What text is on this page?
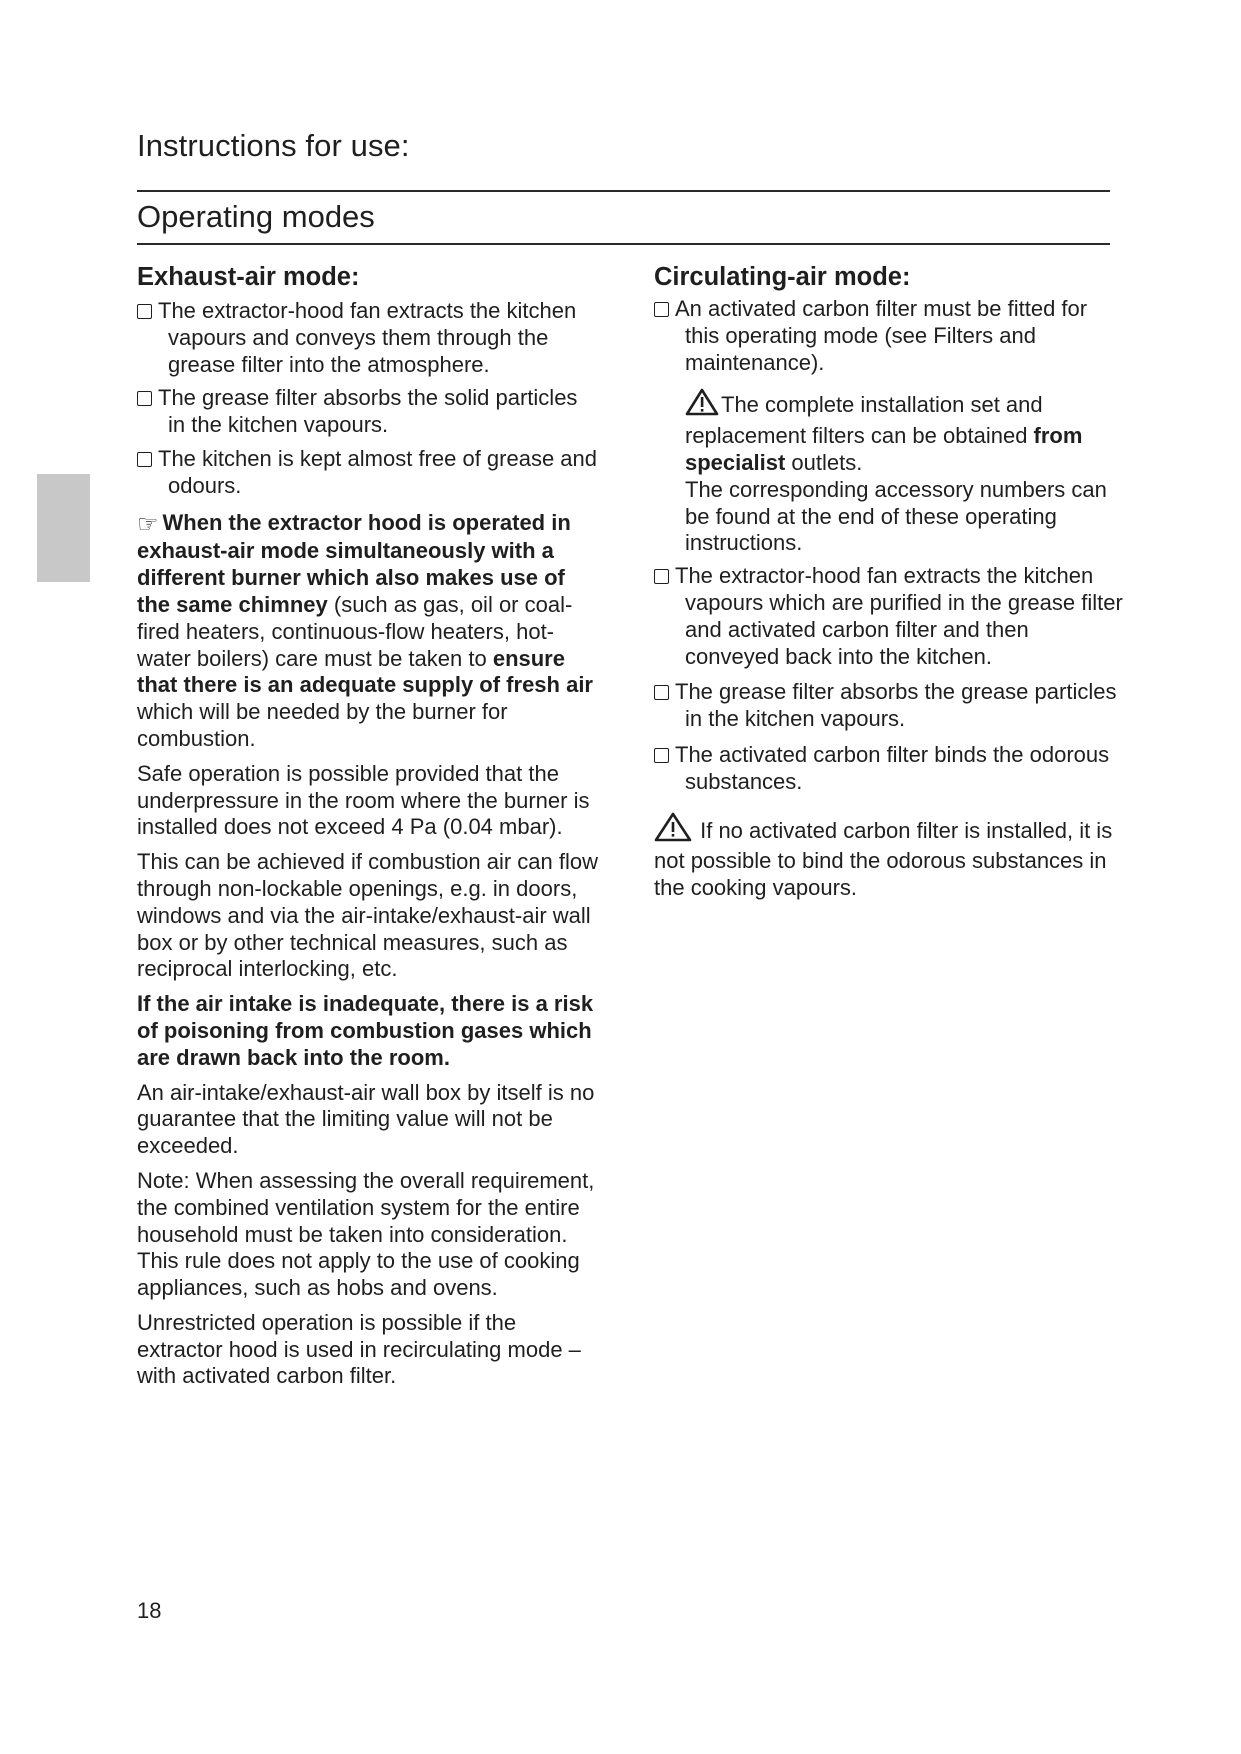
Instructions for use:
Operating modes
Exhaust-air mode:
The extractor-hood fan extracts the kitchen vapours and conveys them through the grease filter into the atmosphere.
The grease filter absorbs the solid particles in the kitchen vapours.
The kitchen is kept almost free of grease and odours.

☞ When the extractor hood is operated in exhaust-air mode simultaneously with a different burner which also makes use of the same chimney (such as gas, oil or coal-fired heaters, continuous-flow heaters, hot-water boilers) care must be taken to ensure that there is an adequate supply of fresh air which will be needed by the burner for combustion.

Safe operation is possible provided that the underpressure in the room where the burner is installed does not exceed 4 Pa (0.04 mbar).

This can be achieved if combustion air can flow through non-lockable openings, e.g. in doors, windows and via the air-intake/exhaust-air wall box or by other technical measures, such as reciprocal interlocking, etc.

If the air intake is inadequate, there is a risk of poisoning from combustion gases which are drawn back into the room.

An air-intake/exhaust-air wall box by itself is no guarantee that the limiting value will not be exceeded.

Note: When assessing the overall requirement, the combined ventilation system for the entire household must be taken into consideration. This rule does not apply to the use of cooking appliances, such as hobs and ovens.

Unrestricted operation is possible if the extractor hood is used in recirculating mode – with activated carbon filter.

Circulating-air mode:
An activated carbon filter must be fitted for this operating mode (see Filters and maintenance).
The complete installation set and replacement filters can be obtained from specialist outlets.
The corresponding accessory numbers can be found at the end of these operating instructions.
The extractor-hood fan extracts the kitchen vapours which are purified in the grease filter and activated carbon filter and then conveyed back into the kitchen.
The grease filter absorbs the grease particles in the kitchen vapours.
The activated carbon filter binds the odorous substances.

If no activated carbon filter is installed, it is not possible to bind the odorous substances in the cooking vapours.

18
